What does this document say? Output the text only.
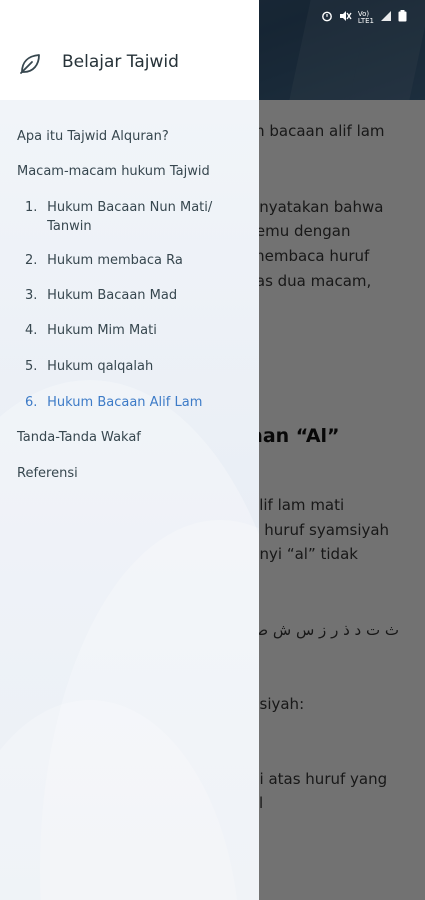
22:23	Vo)
LTE1
Belajar Tajwid
Apa itu Tajwid Alquran?
Macam-macam hukum Tajwid
1. Hukum Bacaan Nun Mati/
Tanwin
2. Hukum membaca Ra
3. Hukum Bacaan Mad
4. Hukum Mim Mati
5. Hukum qalqalah
6. Hukum Bacaan Alif Lam
Tanda-Tanda Wakaf
Referensi
